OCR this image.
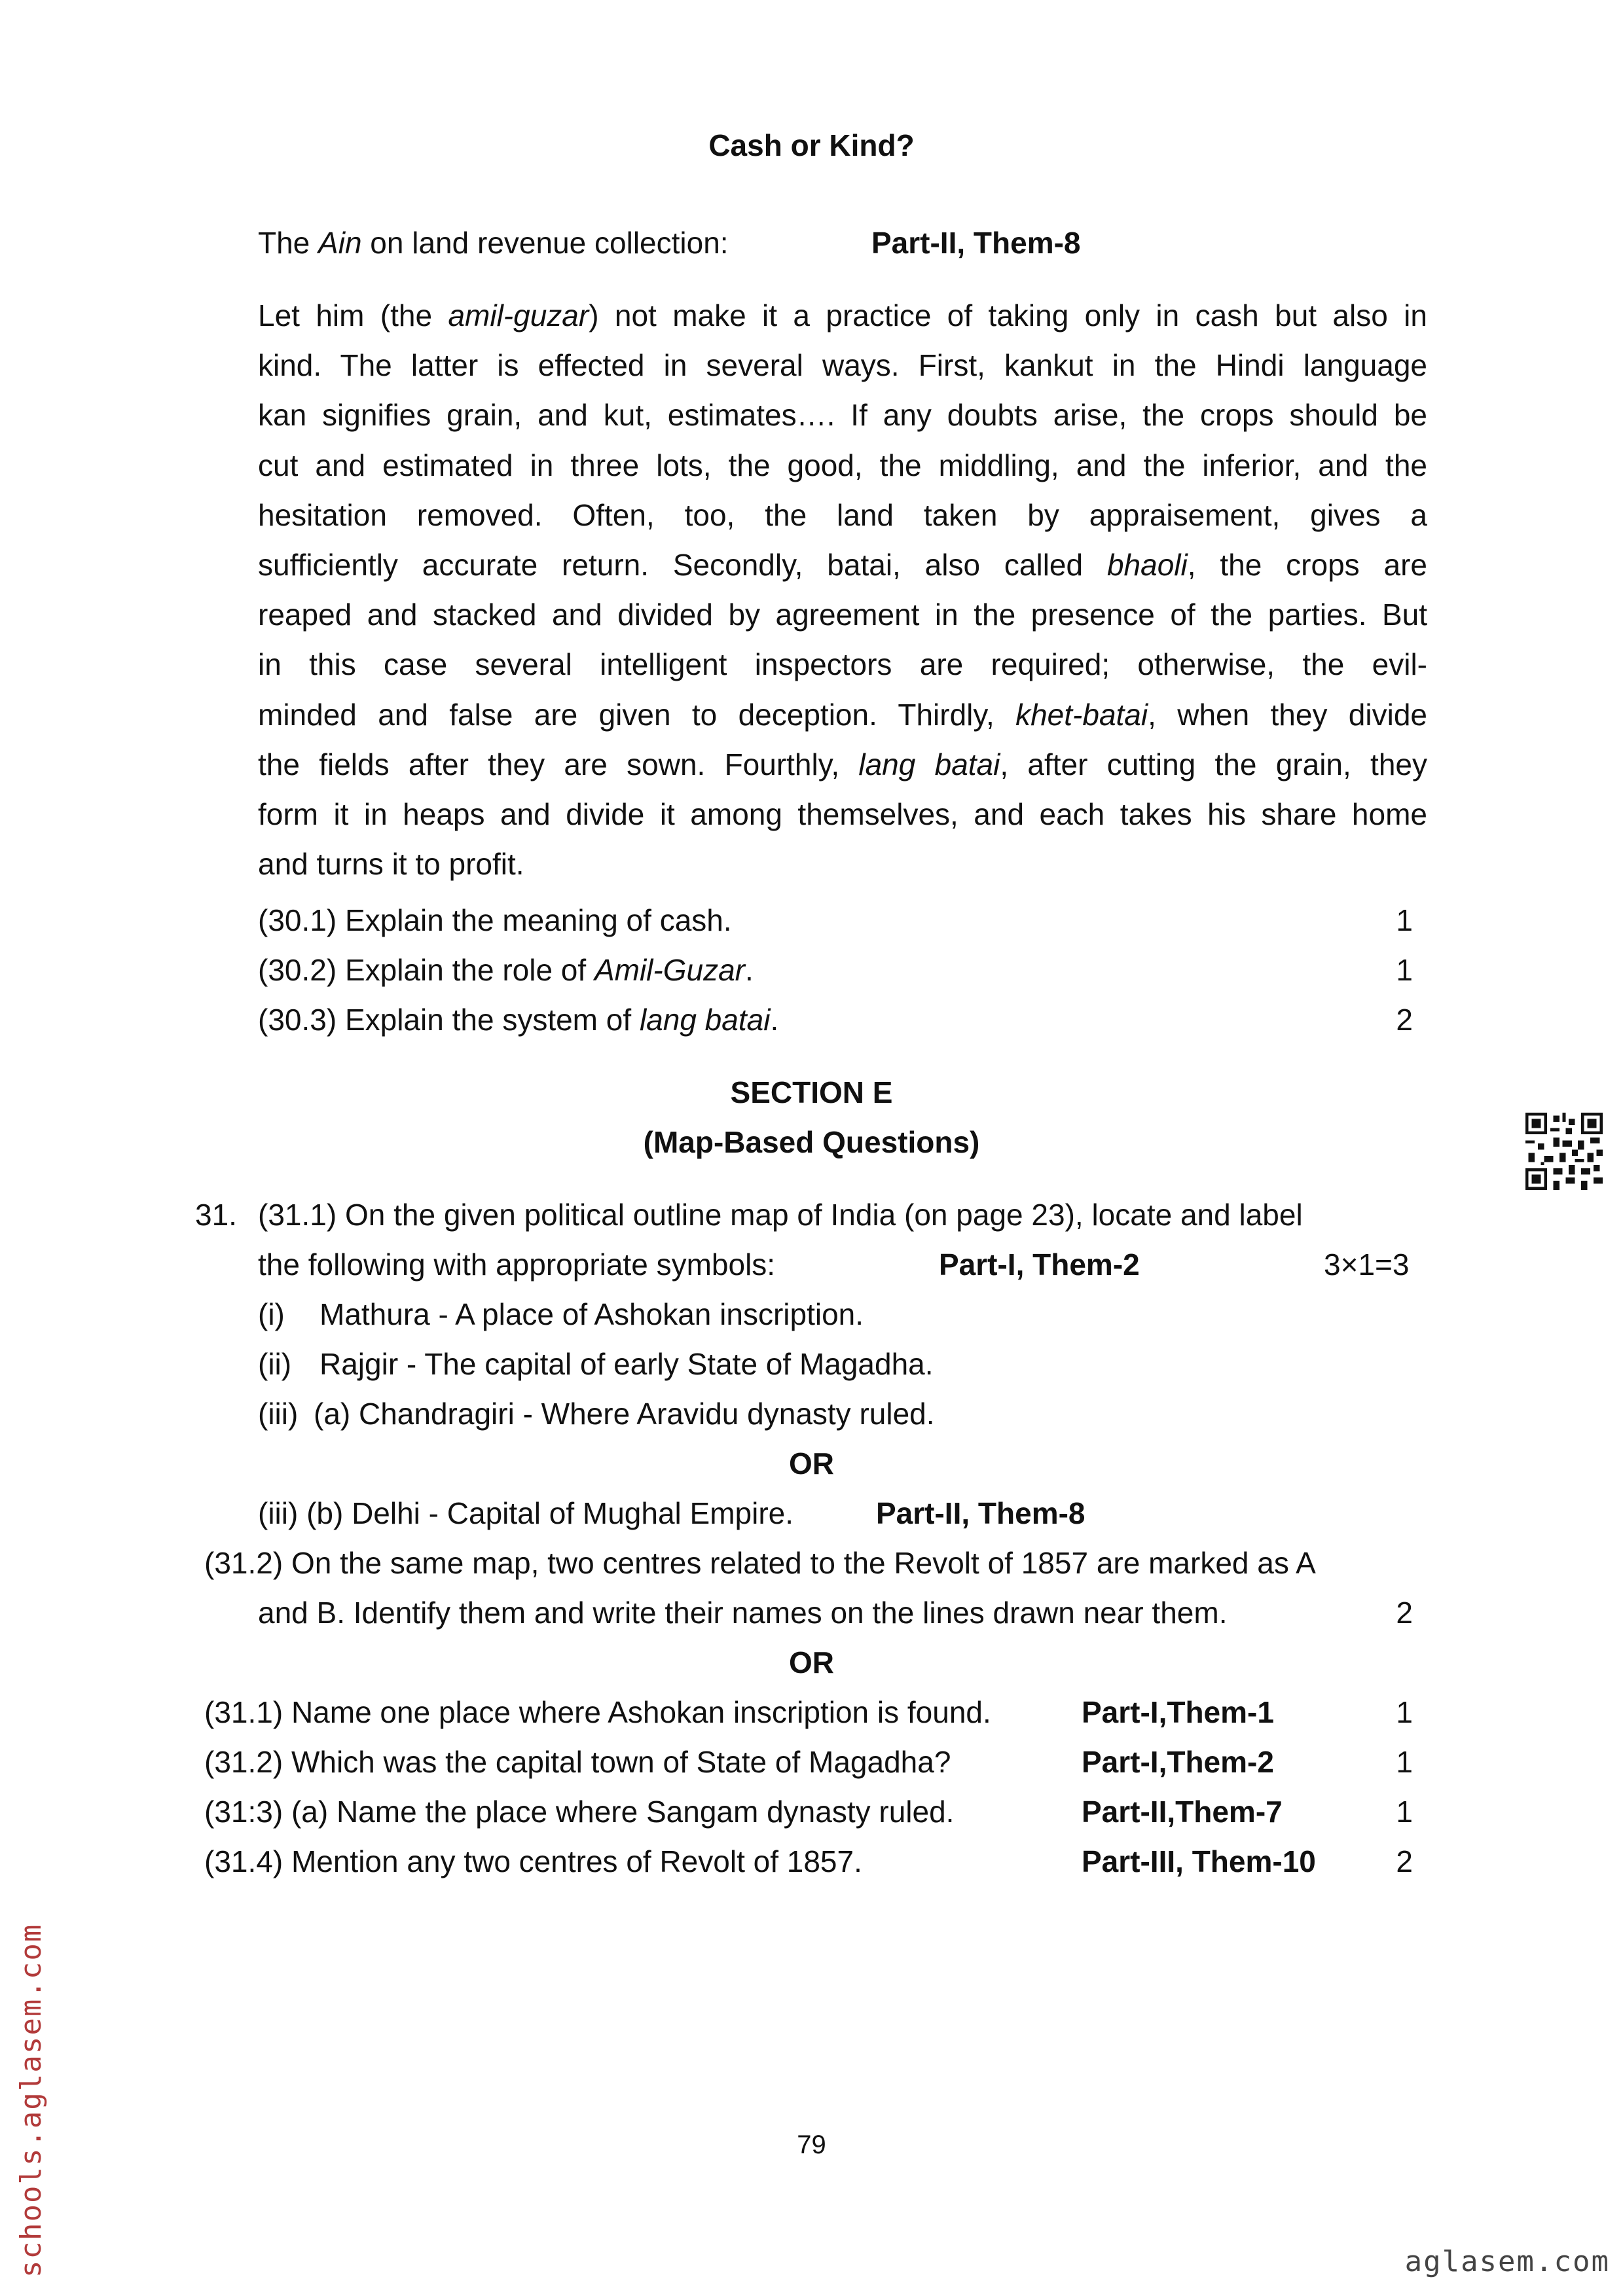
Cash or Kind?
The Ain on land revenue collection:	Part-II, Them-8
Let him (the amil-guzar) not make it a practice of taking only in cash but also in
kind. The latter is effected in several ways. First, kankut in the Hindi language
kan signifies grain, and kut, estimates…. If any doubts arise, the crops should be
cut and estimated in three lots, the good, the middling, and the inferior, and the
hesitation removed. Often, too, the land taken by appraisement, gives a
sufficiently accurate return. Secondly, batai, also called bhaoli, the crops are
reaped and stacked and divided by agreement in the presence of the parties. But
in this case several intelligent inspectors are required; otherwise, the evil-
minded and false are given to deception. Thirdly, khet-batai, when they divide
the fields after they are sown. Fourthly, lang batai, after cutting the grain, they
form it in heaps and divide it among themselves, and each takes his share home
and turns it to profit.
(30.1) Explain the meaning of cash.	1
(30.2) Explain the role of Amil-Guzar.	1
(30.3) Explain the system of lang batai.	2
SECTION E
(Map-Based Questions)
31. (31.1) On the given political outline map of India (on page 23), locate and label
the following with appropriate symbols:	Part-I, Them-2	3×1=3
(i) Mathura - A place of Ashokan inscription.
(ii) Rajgir - The capital of early State of Magadha.
(iii) (a) Chandragiri - Where Aravidu dynasty ruled.
OR
(iii) (b) Delhi - Capital of Mughal Empire.	Part-II, Them-8
(31.2) On the same map, two centres related to the Revolt of 1857 are marked as A
and B. Identify them and write their names on the lines drawn near them.	2
OR
(31.1) Name one place where Ashokan inscription is found.	Part-I,Them-1	1
(31.2) Which was the capital town of State of Magadha?	Part-I,Them-2	1
(31:3) (a) Name the place where Sangam dynasty ruled.	Part-II,Them-7	1
(31.4) Mention any two centres of Revolt of 1857.	Part-III, Them-10	2
79
schools.aglasem.com	aglasem.com
